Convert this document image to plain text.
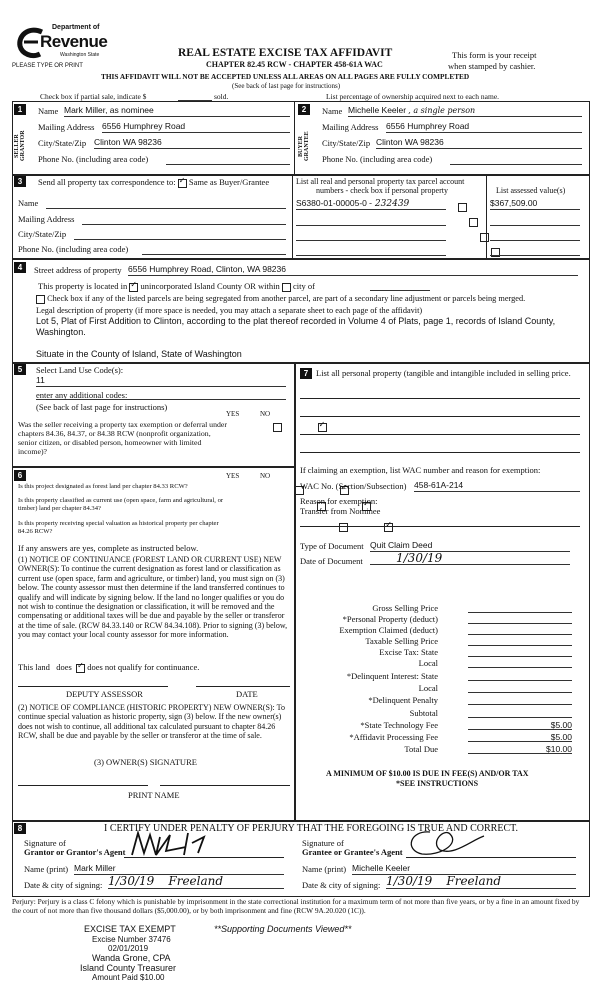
Department of
Revenue
Washington State
PLEASE TYPE OR PRINT
REAL ESTATE EXCISE TAX AFFIDAVIT
CHAPTER 82.45 RCW - CHAPTER 458-61A WAC
This form is your receipt
when stamped by cashier.
THIS AFFIDAVIT WILL NOT BE ACCEPTED UNLESS ALL AREAS ON ALL PAGES ARE FULLY COMPLETED
(See back of last page for instructions)
Check box if partial sale, indicate $	sold.	List percentage of ownership acquired next to each name.
1
SELLER GRANTOR
Name Mark Miller, as nominee
Mailing Address 6556 Humphrey Road
City/State/Zip Clinton WA 98236
Phone No. (including area code)
2
BUYER GRANTEE
Name Michelle Keeler , a single person
Mailing Address 6556 Humphrey Road
City/State/Zip Clinton WA 98236
Phone No. (including area code)
3	Send all property tax correspondence to: ✓ Same as Buyer/Grantee
Name
Mailing Address
City/State/Zip
Phone No. (including area code)
List all real and personal property tax parcel account
numbers - check box if personal property	List assessed value(s)
S6380-01-00005-0 - 232439
	$367,509.00

4	Street address of property 6556 Humphrey Road, Clinton, WA 98236
This property is located in ✓ unincorporated Island County OR within city of
Check box if any of the listed parcels are being segregated from another parcel, are part of a secondary line adjustment or parcels being merged.
Legal description of property (if more space is needed, you may attach a separate sheet to each page of the affidavit)
Lot 5, Plat of First Addition to Clinton, according to the plat thereof recorded in Volume 4 of Plats, page 1, records of Island County, Washington.
Situate in the County of Island, State of Washington
5	Select Land Use Code(s):
11
enter any additional codes:
(See back of last page for instructions)
YES	NO
Was the seller receiving a property tax exemption or deferral under chapters 84.36, 84.37, or 84.38 RCW (nonprofit organization, senior citizen, or disabled person, homeowner with limited income)?
✓
6	YES	NO
Is this project designated as forest land per chapter 84.33 RCW?
✓
Is this property classified as current use (open space, farm and agricultural, or timber) land per chapter 84.34?
✓
Is this property receiving special valuation as historical property per chapter 84.26 RCW?
✓
If any answers are yes, complete as instructed below.
(1) NOTICE OF CONTINUANCE (FOREST LAND OR CURRENT USE) NEW OWNER(S): To continue the current designation as forest land or classification as current use (open space, farm and agriculture, or timber) land, you must sign on (3) below. The county assessor must then determine if the land transferred continues to qualify and will indicate by signing below. If the land no longer qualifies or you do not wish to continue the designation or classification, it will be removed and the compensating or additional taxes will be due and payable by the seller or transferor at the time of sale. (RCW 84.33.140 or RCW 84.34.108). Prior to signing (3) below, you may contact your local county assessor for more information.
This land does ✓ does not qualify for continuance.
DEPUTY ASSESSOR	DATE
(2) NOTICE OF COMPLIANCE (HISTORIC PROPERTY) NEW OWNER(S): To continue special valuation as historic property, sign (3) below. If the new owner(s) does not wish to continue, all additional tax calculated pursuant to chapter 84.26 RCW, shall be due and payable by the seller or transferor at the time of sale.
(3) OWNER(S) SIGNATURE
PRINT NAME
7 List all personal property (tangible and intangible included in selling price.
If claiming an exemption, list WAC number and reason for exemption:
WAC No. (Section/Subsection) 458-61A-214
Reason for exemption:
Transfer from Nominee
Type of Document Quit Claim Deed
Date of Document	1/30/19
Gross Selling Price
*Personal Property (deduct)
Exemption Claimed (deduct)
Taxable Selling Price
Excise Tax: State
Local
*Delinquent Interest: State
Local
*Delinquent Penalty
Subtotal
*State Technology Fee	$5.00
*Affidavit Processing Fee	$5.00
Total Due	$10.00
A MINIMUM OF $10.00 IS DUE IN FEE(S) AND/OR TAX
*SEE INSTRUCTIONS
8	I CERTIFY UNDER PENALTY OF PERJURY THAT THE FOREGOING IS TRUE AND CORRECT.
Signature of
Grantor or Grantor's Agent
Signature of
Grantee or Grantee's Agent
Name (print) Mark Miller	Name (print) Michelle Keeler
Date & city of signing: 1/30/19 Freeland	Date & city of signing: 1/30/19 Freeland
Perjury: Perjury is a class C felony which is punishable by imprisonment in the state correctional institution for a maximum term of not more than five years, or by a fine in an amount fixed by the court of not more than five thousand dollars ($5,000.00), or by both imprisonment and fine (RCW 9A.20.020 (1C)).
EXCISE TAX EXEMPT
Excise Number 37476
02/01/2019
Wanda Grone, CPA
Island County Treasurer
Amount Paid $10.00
**Supporting Documents Viewed**
